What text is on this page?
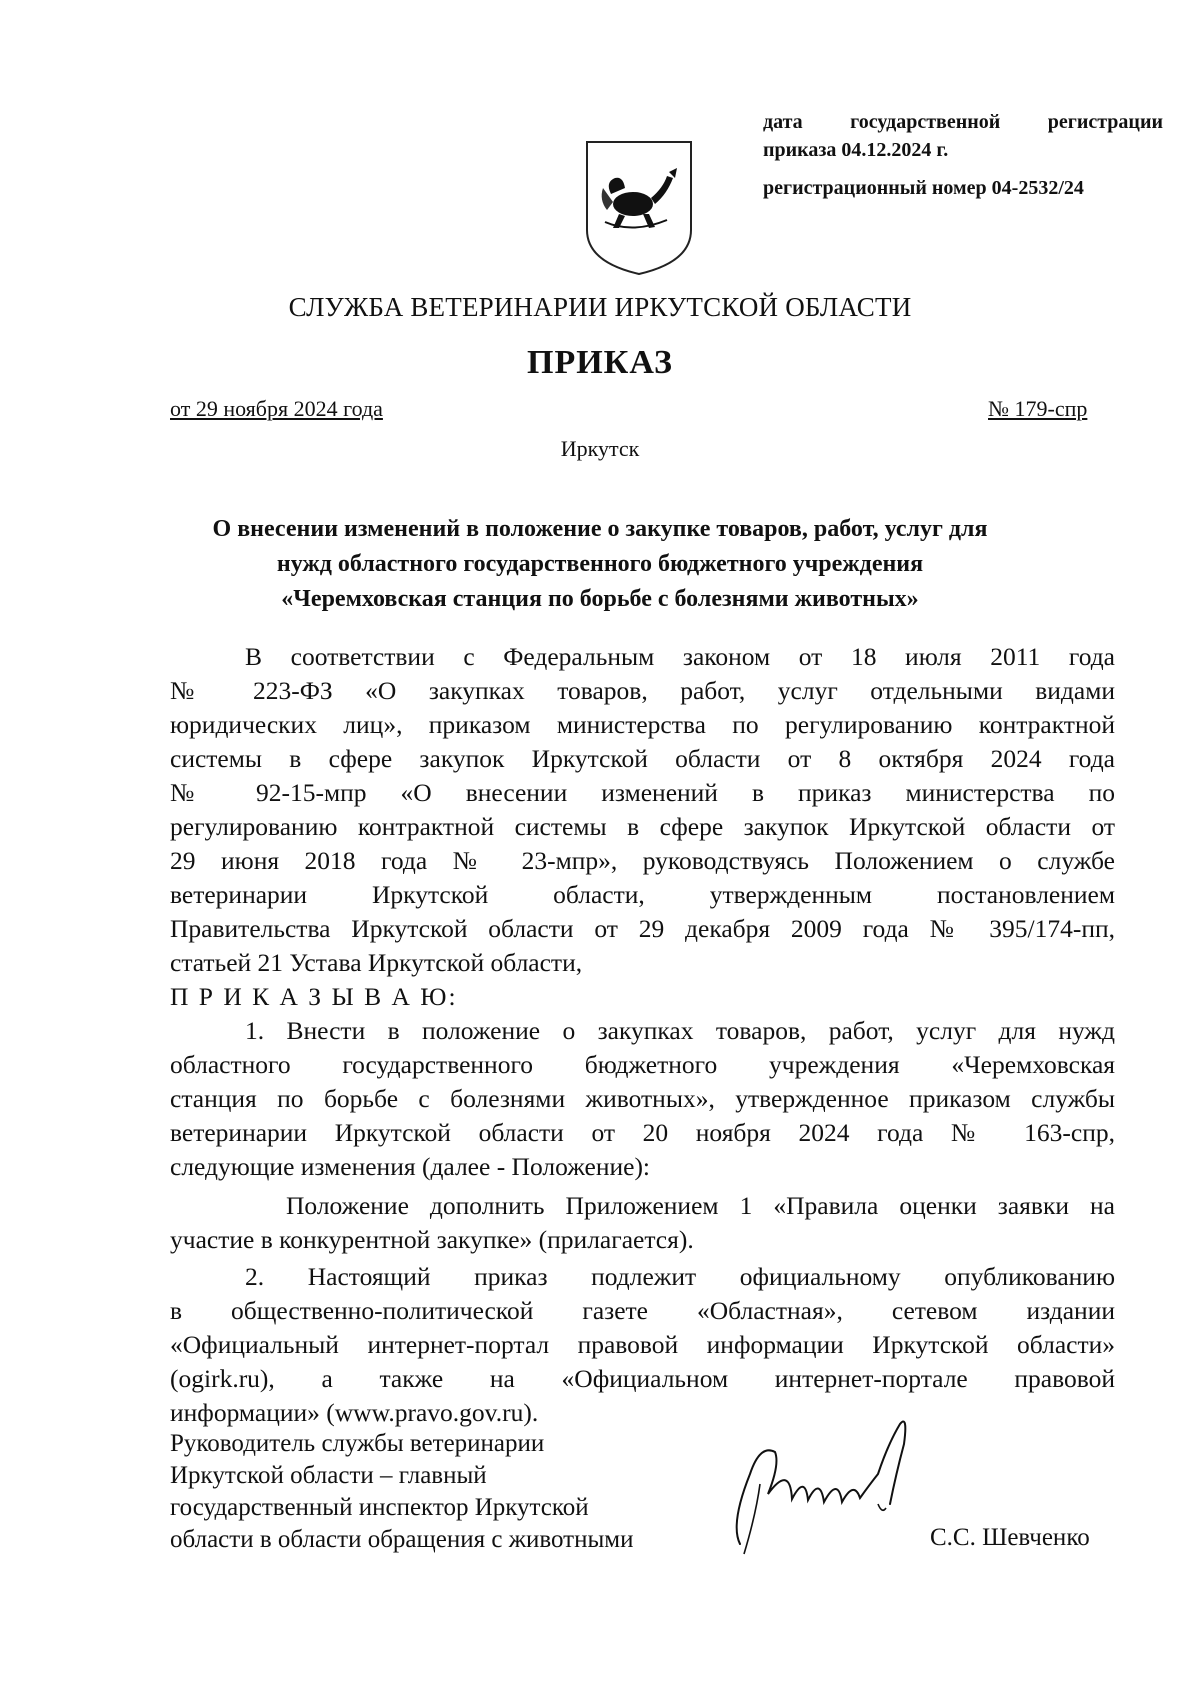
дата государственной регистрации
приказа 04.12.2024 г.
регистрационный номер 04-2532/24
СЛУЖБА ВЕТЕРИНАРИИ ИРКУТСКОЙ ОБЛАСТИ
ПРИКАЗ
от 29 ноября 2024 года	№ 179-спр
Иркутск
О внесении изменений в положение о закупке товаров, работ, услуг для
нужд областного государственного бюджетного учреждения
«Черемховская станция по борьбе с болезнями животных»
В соответствии с Федеральным законом от 18 июля 2011 года
№ 223-ФЗ «О закупках товаров, работ, услуг отдельными видами
юридических лиц», приказом министерства по регулированию контрактной
системы в сфере закупок Иркутской области от 8 октября 2024 года
№ 92-15-мпр «О внесении изменений в приказ министерства по
регулированию контрактной системы в сфере закупок Иркутской области от
29 июня 2018 года № 23-мпр», руководствуясь Положением о службе
ветеринарии Иркутской области, утвержденным постановлением
Правительства Иркутской области от 29 декабря 2009 года № 395/174-пп,
статьей 21 Устава Иркутской области,
П Р И К А З Ы В А Ю:
1. Внести в положение о закупках товаров, работ, услуг для нужд
областного государственного бюджетного учреждения «Черемховская
станция по борьбе с болезнями животных», утвержденное приказом службы
ветеринарии Иркутской области от 20 ноября 2024 года № 163-спр,
следующие изменения (далее - Положение):
Положение дополнить Приложением 1 «Правила оценки заявки на
участие в конкурентной закупке» (прилагается).
2. Настоящий приказ подлежит официальному опубликованию
в общественно-политической газете «Областная», сетевом издании
«Официальный интернет-портал правовой информации Иркутской области»
(ogirk.ru), а также на «Официальном интернет-портале правовой
информации» (www.pravo.gov.ru).
Руководитель службы ветеринарии
Иркутской области – главный
государственный инспектор Иркутской
области в области обращения с животными	С.С. Шевченко
